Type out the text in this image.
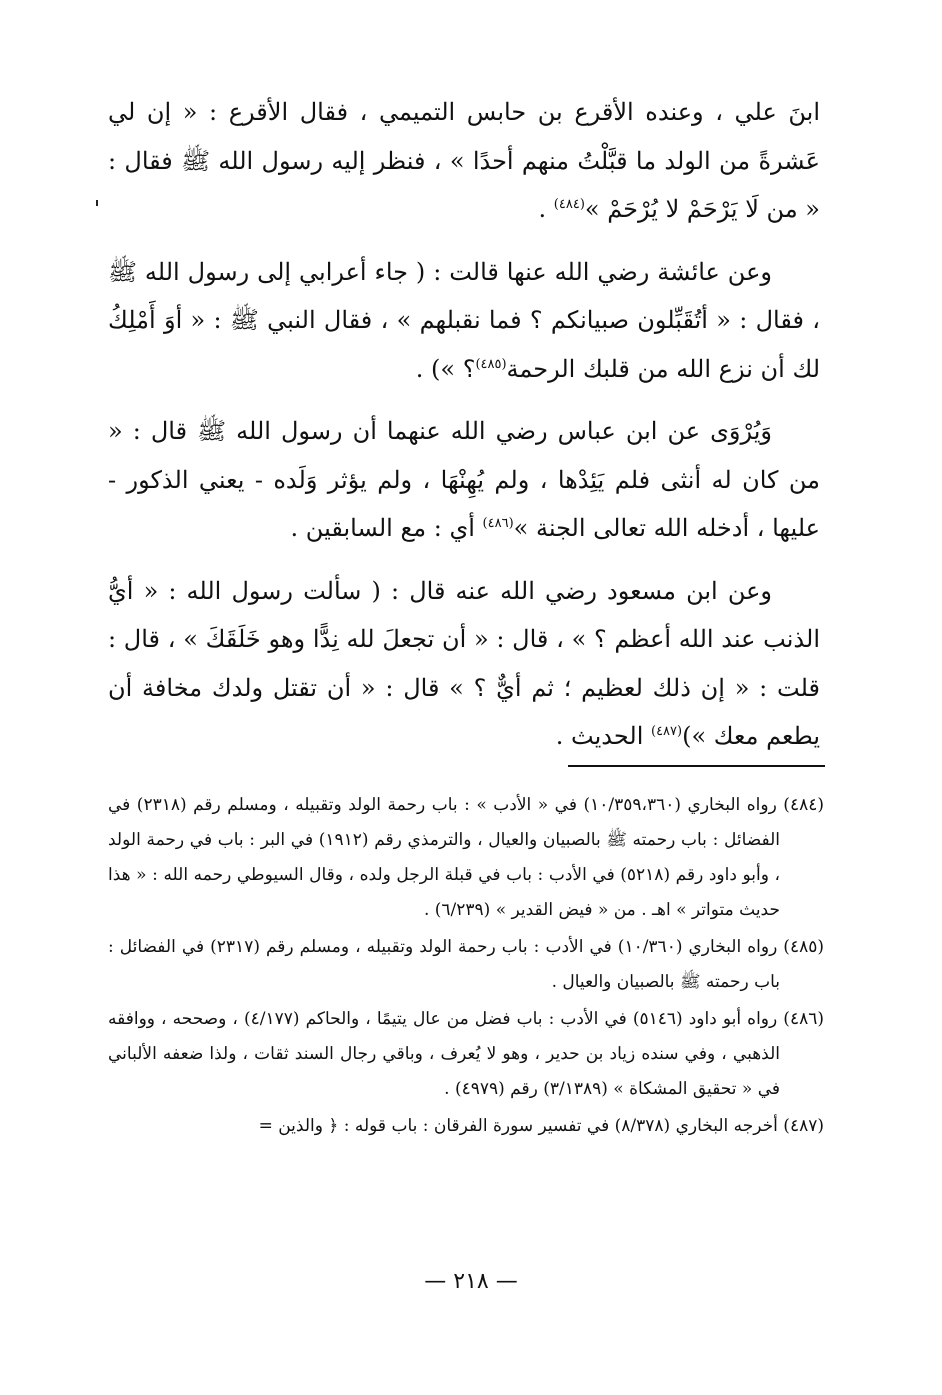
ابنَ علي ، وعنده الأقرع بن حابس التميمي ، فقال الأقرع : « إن لي عَشرةً من الولد ما قبَّلْتُ منهم أحدًا » ، فنظر إليه رسول الله ﷺ فقال : « من لَا يَرْحَمْ لا يُرْحَمْ »$^{(٤٨٤)}$ .

وعن عائشة رضي الله عنها قالت : ( جاء أعرابي إلى رسول الله ﷺ ، فقال : « أتُقَبِّلون صبيانكم ؟ فما نقبلهم » ، فقال النبي ﷺ : « أوَ أَمْلِكُ لك أن نزع الله من قلبك الرحمة$^{(٤٨٥)}$؟ ») .

وَيُرْوَى عن ابن عباس رضي الله عنهما أن رسول الله ﷺ قال : « من كان له أنثى فلم يَئِدْها ، ولم يُهِنْهَا ، ولم يؤثر وَلَده - يعني الذكور - عليها ، أدخله الله تعالى الجنة »$^{(٤٨٦)}$ أي : مع السابقين .

وعن ابن مسعود رضي الله عنه قال : ( سألت رسول الله : « أيُّ الذنب عند الله أعظم ؟ » ، قال : « أن تجعلَ لله نِدًّا وهو خَلَقَكَ » ، قال : قلت : « إن ذلك لعظيم ؛ ثم أيٌّ ؟ » قال : « أن تقتل ولدك مخافة أن يطعم معك »)$^{(٤٨٧)}$ الحديث .

(٤٨٤) رواه البخاري (١٠/٣٥٩،٣٦٠) في « الأدب » : باب رحمة الولد وتقبيله ، ومسلم رقم (٢٣١٨) في الفضائل : باب رحمته ﷺ بالصبيان والعيال ، والترمذي رقم (١٩١٢) في البر : باب في رحمة الولد ، وأبو داود رقم (٥٢١٨) في الأدب : باب في قبلة الرجل ولده ، وقال السيوطي رحمه الله : « هذا حديث متواتر » اهـ . من « فيض القدير » (٦/٢٣٩) .

(٤٨٥) رواه البخاري (١٠/٣٦٠) في الأدب : باب رحمة الولد وتقبيله ، ومسلم رقم (٢٣١٧) في الفضائل : باب رحمته ﷺ بالصبيان والعيال .

(٤٨٦) رواه أبو داود (٥١٤٦) في الأدب : باب فضل من عال يتيمًا ، والحاكم (٤/١٧٧) ، وصححه ، ووافقه الذهبي ، وفي سنده زياد بن حدير ، وهو لا يُعرف ، وباقي رجال السند ثقات ، ولذا ضعفه الألباني في « تحقيق المشكاة » (٣/١٣٨٩) رقم (٤٩٧٩) .

(٤٨٧) أخرجه البخاري (٨/٣٧٨) في تفسير سورة الفرقان : باب قوله : ﴿ والذين =

— ٢١٨ —
